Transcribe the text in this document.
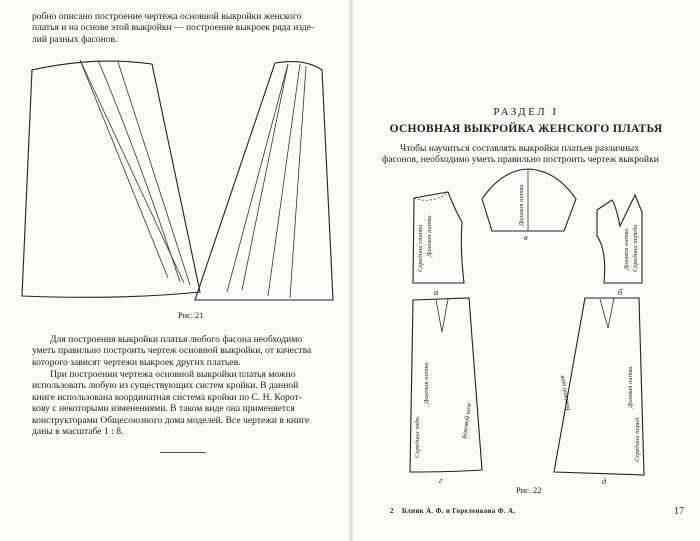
робно описано построение чертежа основной выкройки женского

платья и на основе этой выкройки — построение выкроек ряда изде-

лий разных фасонов.

Рис. 21

Для построения выкройки платья любого фасона необходимо

уметь правильно построить чертеж основной выкройки, от качества

которого зависят чертежи выкроек других платьев.

При построении чертежа основной выкройки платья можно

использовать любую из существующих систем кройки. В данной

книге использована координатная система кройки по С. Н. Корот-

кову с некоторыми изменениями. В таком виде она применяется

конструкторами Общесоюзного дома моделей. Все чертежи в книге

даны в масштабе 1 : 8.

РАЗДЕЛ I
ОСНОВНАЯ ВЫКРОЙКА ЖЕНСКОГО ПЛАТЬЯ

Чтобы научиться составлять выкройки платьев различных

фасонов, необходимо уметь правильно построить чертеж выкройки

Середина спинки Долевая нитка
Долевая нитка
Долевая нитка Середина переда
Середина задн.
Долевая нитка
Боковой шов
Боковой шов	Долевая нитка
Середина перед.
а	б
в
г	д
Рис. 22
2 Блинк А. Ф. и Гореленкова Ф. А.	17
